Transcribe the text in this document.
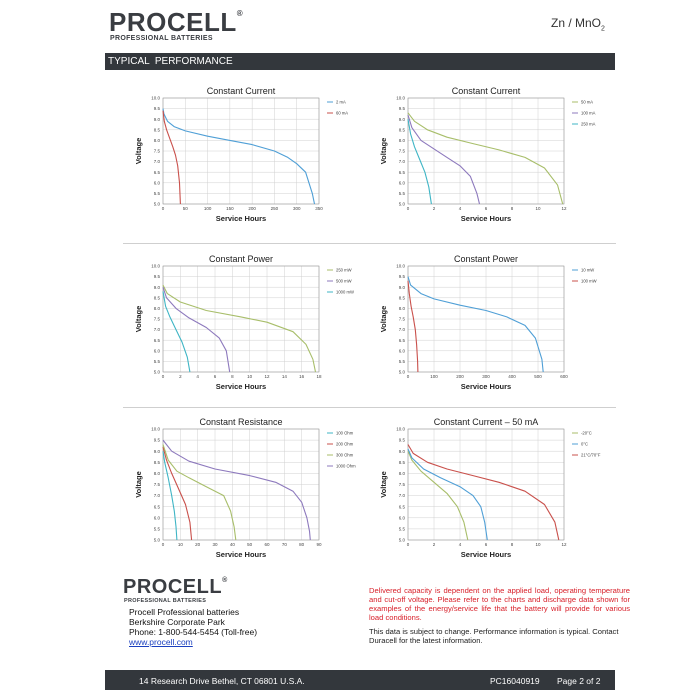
PROCELL®
PROFESSIONAL BATTERIES
Zn / MnO$_2$
TYPICAL  PERFORMANCE
Constant Current
0	50	100	150	200	250	300	350
10.0
9.5
9.0
8.5
8.0
7.5
7.0
6.5
6.0
5.5
5.0
Service Hours
Voltage
2 mA
60 mA
Constant Current
0	2	4	6	8	10	12
10.0
9.5
9.0
8.5
8.0
7.5
7.0
6.5
6.0
5.5
5.0
Service Hours
Voltage
50 mA
100 mA
250 mA
Constant Power
0	2	4	6	8	10	12	14	16	18
10.0
9.5
9.0
8.5
8.0
7.5
7.0
6.5
6.0
5.5
5.0
Service Hours
Voltage
250 mW
500 mW
1000 mW
Constant Power
0	100	200	300	400	500	600
10.0
9.5
9.0
8.5
8.0
7.5
7.0
6.5
6.0
5.5
5.0
Service Hours
Voltage
10 mW
100 mW
Constant Resistance
0	10	20	30	40	50	60	70	80	90
10.0
9.5
9.0
8.5
8.0
7.5
7.0
6.5
6.0
5.5
5.0
Service Hours
Voltage
100 Ohm
200 Ohm
300 Ohm
1000 Ohm
Constant Current – 50 mA
0	2	4	6	8	10	12
10.0
9.5
9.0
8.5
8.0
7.5
7.0
6.5
6.0
5.5
5.0
Service Hours
Voltage
-20°C
0°C
21°C/70°F
PROCELL®
PROFESSIONAL BATTERIES
Procell Professional batteries
Berkshire Corporate Park
Phone: 1-800-544-5454 (Toll-free)
www.procell.com
Delivered capacity is dependent on the applied load, operating temperature and cut-off voltage. Please refer to the charts and discharge data shown for examples of the energy/service life that the battery will provide for various load conditions.
This data is subject to change. Performance information is typical. Contact Duracell for the latest information.
14 Research Drive Bethel, CT 06801 U.S.A.	PC16040919 Page 2 of 2
